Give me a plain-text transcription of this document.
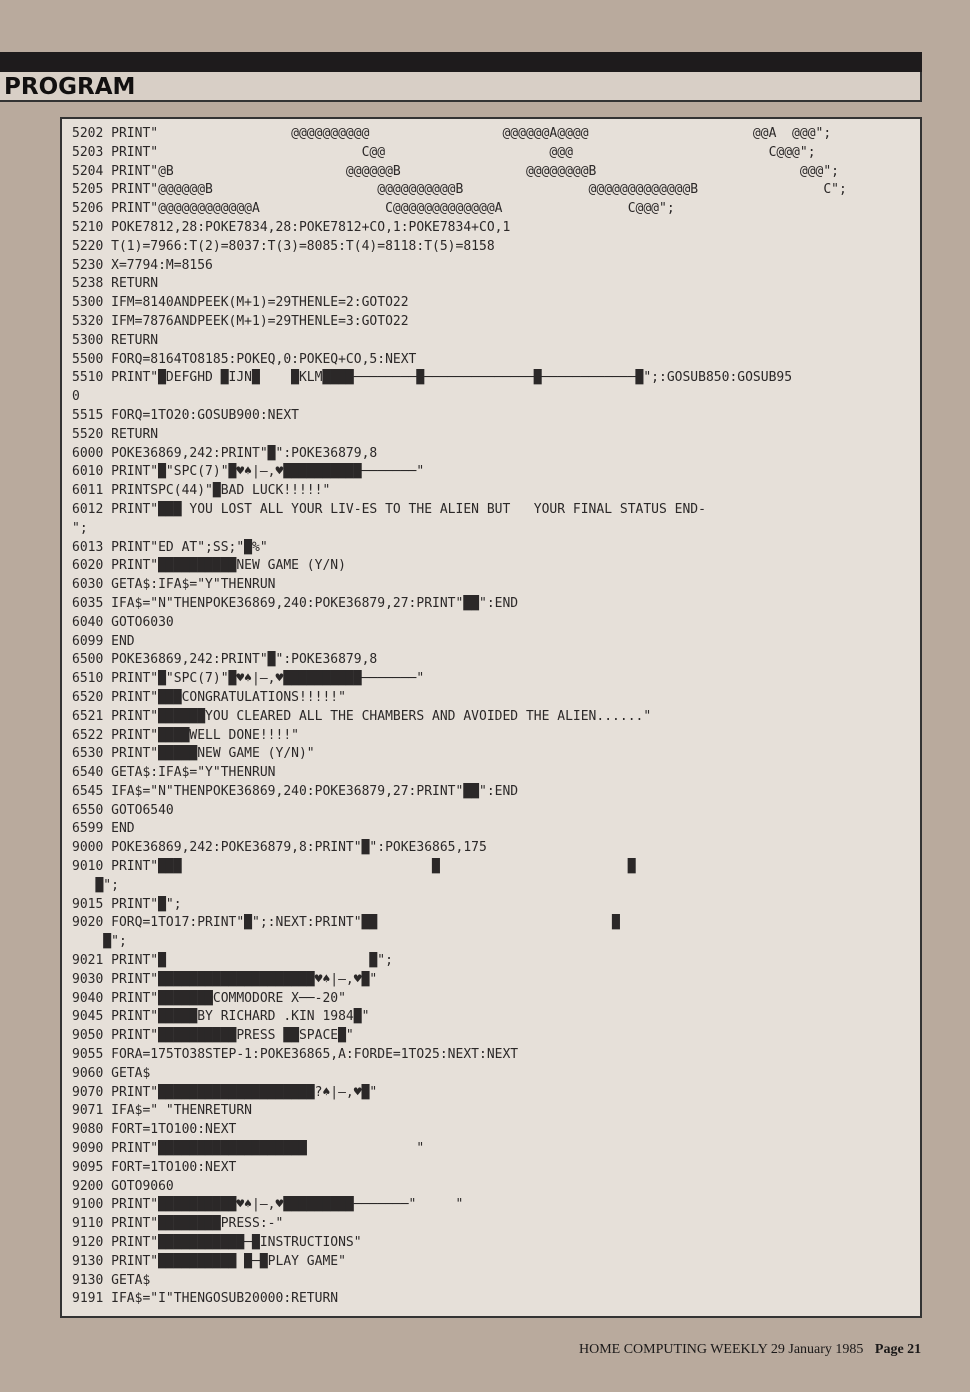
PROGRAM
5202 PRINT"                 @@@@@@@@@@                 @@@@@@A@@@@                     @@A  @@@";
5203 PRINT"                          C@@                     @@@                         C@@@";
5204 PRINT"@B                      @@@@@@B                @@@@@@@@B                          @@@";
5205 PRINT"@@@@@@B                     @@@@@@@@@@B                @@@@@@@@@@@@@B                C";
5206 PRINT"@@@@@@@@@@@@A                C@@@@@@@@@@@@@A                C@@@";
5210 POKE7812,28:POKE7834,28:POKE7812+CO,1:POKE7834+CO,1
5220 T(1)=7966:T(2)=8037:T(3)=8085:T(4)=8118:T(5)=8158
5230 X=7794:M=8156
5238 RETURN
5300 IFM=8140ANDPEEK(M+1)=29THENLE=2:GOTO22
5320 IFM=7876ANDPEEK(M+1)=29THENLE=3:GOTO22
5300 RETURN
5500 FORQ=8164TO8185:POKEQ,0:POKEQ+CO,5:NEXT
5510 PRINT"█DEFGHD █IJN█    █KLM████────────█──────────────█────────────█";:GOSUB850:GOSUB95
0
5515 FORQ=1TO20:GOSUB900:NEXT
5520 RETURN
6000 POKE36869,242:PRINT"█":POKE36879,8
6010 PRINT"█"SPC(7)"█♥♠|—,♥██████████───────"
6011 PRINTSPC(44)"█BAD LUCK!!!!!"
6012 PRINT"███ YOU LOST ALL YOUR LIV-ES TO THE ALIEN BUT   YOUR FINAL STATUS END-
";
6013 PRINT"ED AT";SS;"█%"
6020 PRINT"██████████NEW GAME (Y/N)
6030 GETA$:IFA$="Y"THENRUN
6035 IFA$="N"THENPOKE36869,240:POKE36879,27:PRINT"██":END
6040 GOTO6030
6099 END
6500 POKE36869,242:PRINT"█":POKE36879,8
6510 PRINT"█"SPC(7)"█♥♠|—,♥██████████───────"
6520 PRINT"███CONGRATULATIONS!!!!!"
6521 PRINT"██████YOU CLEARED ALL THE CHAMBERS AND AVOIDED THE ALIEN......"
6522 PRINT"████WELL DONE!!!!"
6530 PRINT"█████NEW GAME (Y/N)"
6540 GETA$:IFA$="Y"THENRUN
6545 IFA$="N"THENPOKE36869,240:POKE36879,27:PRINT"██":END
6550 GOTO6540
6599 END
9000 POKE36869,242:POKE36879,8:PRINT"█":POKE36865,175
9010 PRINT"███                                █                        █
█";
9015 PRINT"█";
9020 FORQ=1TO17:PRINT"█";:NEXT:PRINT"██                              █
█";
9021 PRINT"█                          █";
9030 PRINT"████████████████████♥♠|—,♥█"
9040 PRINT"███████COMMODORE X──-20"
9045 PRINT"█████BY RICHARD .KIN 1984█"
9050 PRINT"██████████PRESS ██SPACE█"
9055 FORA=175TO38STEP-1:POKE36865,A:FORDE=1TO25:NEXT:NEXT
9060 GETA$
9070 PRINT"████████████████████?♠|—,♥█"
9071 IFA$=" "THENRETURN
9080 FORT=1TO100:NEXT
9090 PRINT"███████████████████              "
9095 FORT=1TO100:NEXT
9200 GOTO9060
9100 PRINT"██████████♥♠|—,♥█████████───────"     "
9110 PRINT"████████PRESS:-"
9120 PRINT"███████████─█INSTRUCTIONS"
9130 PRINT"██████████ █─█PLAY GAME"
9130 GETA$
9191 IFA$="I"THENGOSUB20000:RETURN
HOME COMPUTING WEEKLY 29 January 1985 Page 21
